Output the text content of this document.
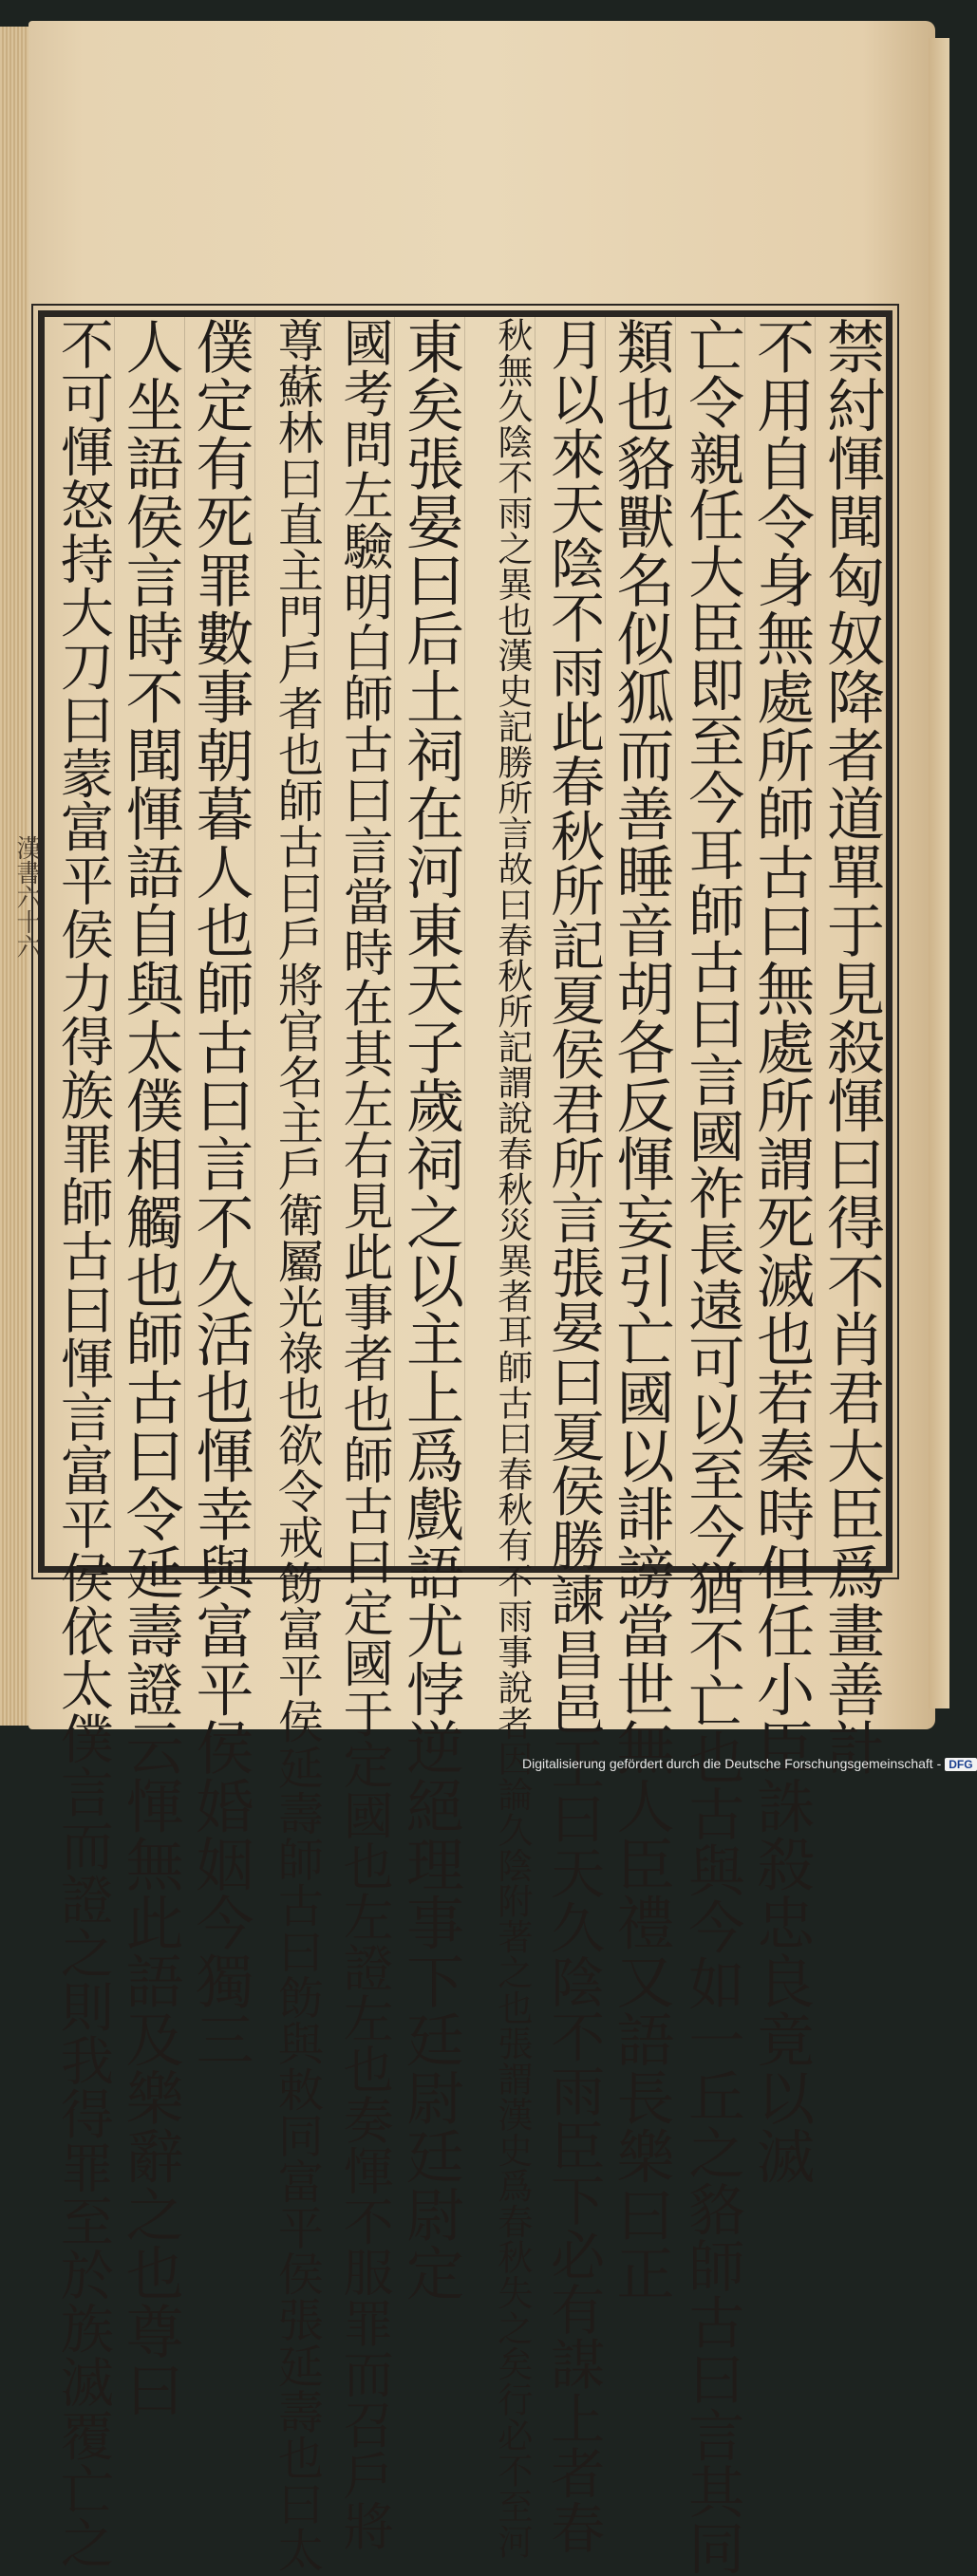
漢書六十六	禁紂惲聞匈奴降者道單于見殺惲曰得不肖君大臣爲畫善計
不用自令身無處所師古曰無處所謂死滅也若秦時但任小臣誅殺忠良竟以滅
亡令親任大臣即至今耳師古曰言國祚長遠可以至今猶不亡也古與今如一丘之貉師古曰言其同
類也貉獸名似狐而善睡音胡各反惲妄引亡國以誹謗當世無人臣禮又語長樂曰正
月以來天陰不雨此春秋所記夏侯君所言張晏曰夏侯勝諫昌邑王曰天久陰不雨臣下必有謀上者春
秋無久陰不雨之異也漢史記勝所言故曰春秋所記謂說春秋災異者耳師古曰春秋有不雨事說者因論久陰附著之也張謂漢史爲春秋失之矣行必不至河
東矣張晏曰后土祠在河東天子歲祠之以主上爲戲語尤悖逆絕理事下廷尉廷尉定
國考問左驗明白師古曰言當時在其左右見此事者也師古曰定國于定國也左證左也奏惲不服罪而召戶將
尊蘇林曰直主門戶者也師古曰戶將官名主戶衛屬光祿也欲令戒飭富平侯延壽師古曰飭與敕同富平侯張延壽也曰太
僕定有死罪數事朝暮人也師古曰言不久活也惲幸與富平侯婚姻今獨三
人坐語侯言時不聞惲語自與太僕相觸也師古曰令延壽證云惲無此語及樂辭之也尊曰
不可惲怒持大刀曰蒙富平侯力得族罪師古曰惲言富平侯依太僕言而證之則我得罪至於族滅覆亡之	Digitalisierung gefördert durch die Deutsche Forschungsgemeinschaft - DFG
